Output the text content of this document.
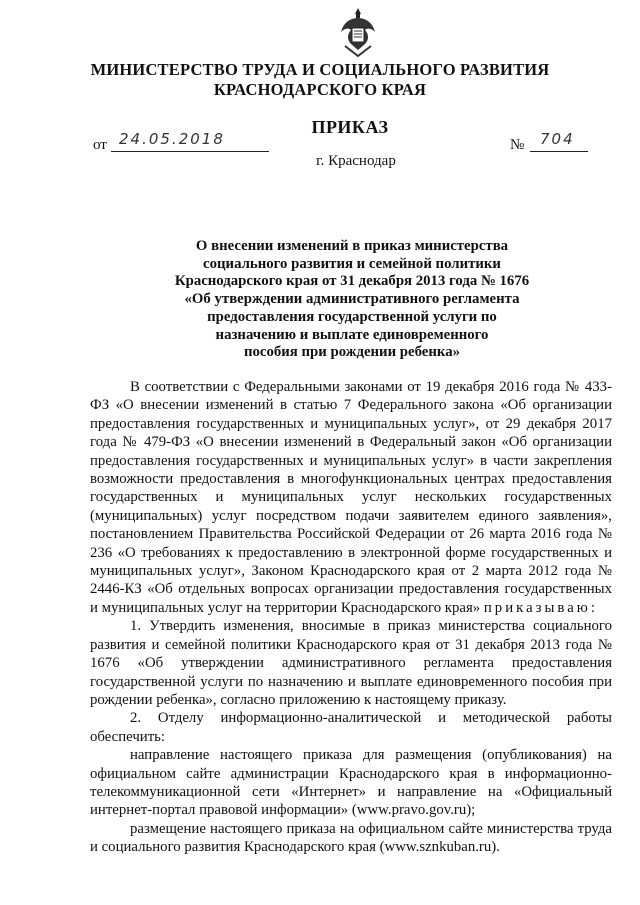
МИНИСТЕРСТВО ТРУДА И СОЦИАЛЬНОГО РАЗВИТИЯ
КРАСНОДАРСКОГО КРАЯ
ПРИКАЗ
от 24.05.2018	№ 704
г. Краснодар
О внесении изменений в приказ министерства
социального развития и семейной политики
Краснодарского края от 31 декабря 2013 года № 1676
«Об утверждении административного регламента
предоставления государственной услуги по
назначению и выплате единовременного
пособия при рождении ребенка»

В соответствии с Федеральными законами от 19 декабря 2016 года № 433-ФЗ «О внесении изменений в статью 7 Федерального закона «Об организации предоставления государственных и муниципальных услуг», от 29 декабря 2017 года № 479-ФЗ «О внесении изменений в Федеральный закон «Об организации предоставления государственных и муниципальных услуг» в части закрепления возможности предоставления в многофункциональных центрах предоставления государственных и муниципальных услуг нескольких государственных (муниципальных) услуг посредством подачи заявителем единого заявления», постановлением Правительства Российской Федерации от 26 марта 2016 года № 236 «О требованиях к предоставлению в электронной форме государственных и муниципальных услуг», Законом Краснодарского края от 2 марта 2012 года № 2446-КЗ «Об отдельных вопросах организации предоставления государственных и муниципальных услуг на территории Краснодарского края» приказываю:

1. Утвердить изменения, вносимые в приказ министерства социального развития и семейной политики Краснодарского края от 31 декабря 2013 года № 1676 «Об утверждении административного регламента предоставления государственной услуги по назначению и выплате единовременного пособия при рождении ребенка», согласно приложению к настоящему приказу.

2. Отделу информационно-аналитической и методической работы обеспечить:

направление настоящего приказа для размещения (опубликования) на официальном сайте администрации Краснодарского края в информационно-телекоммуникационной сети «Интернет» и направление на «Официальный интернет-портал правовой информации» (www.pravo.gov.ru);

размещение настоящего приказа на официальном сайте министерства труда и социального развития Краснодарского края (www.sznkuban.ru).
